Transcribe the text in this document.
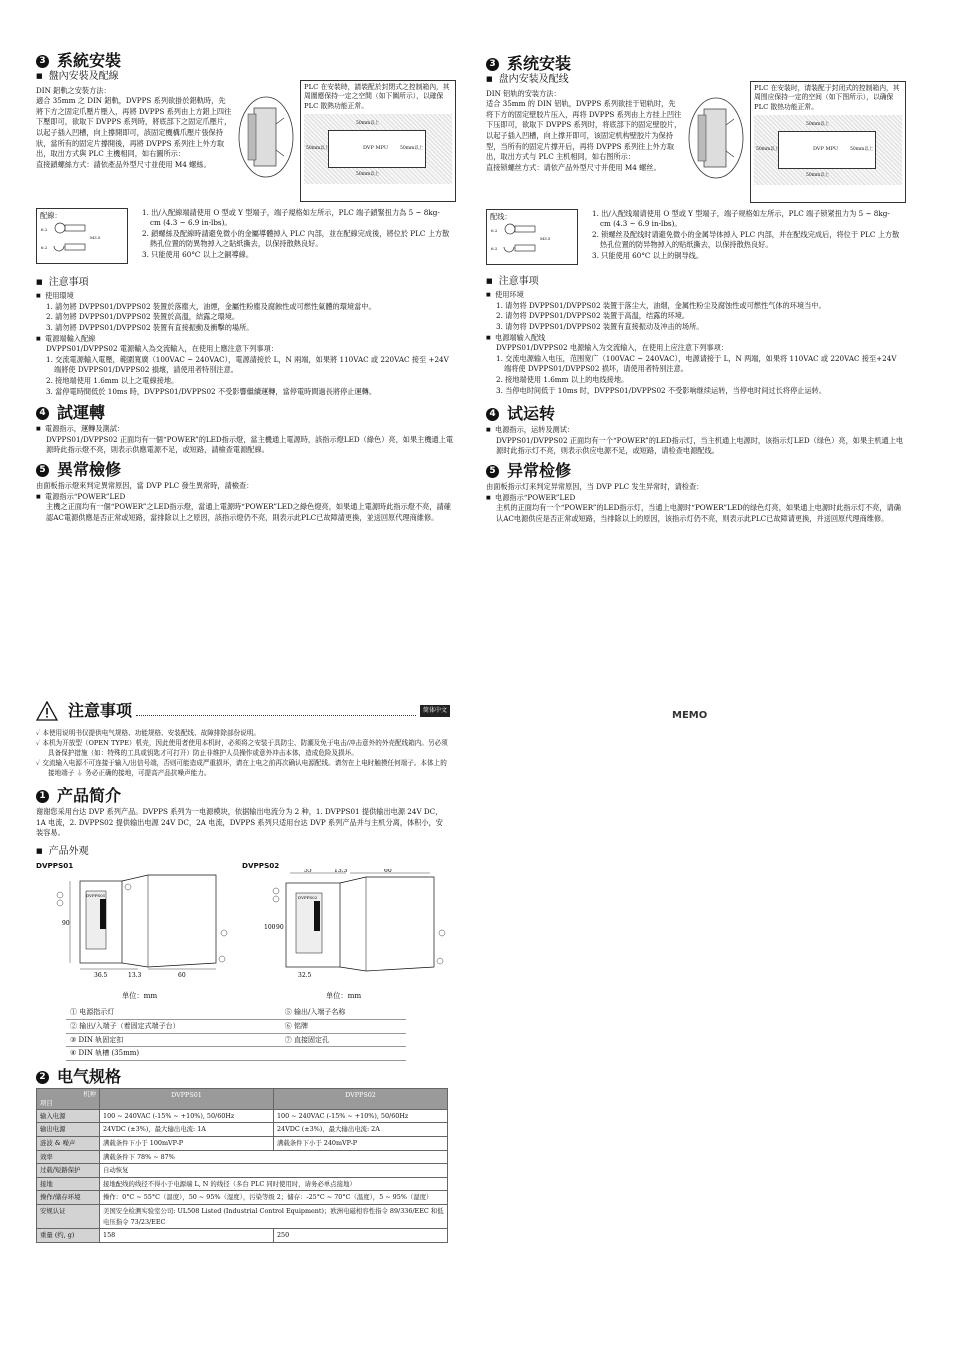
3 系統安裝
■ 盤內安裝及配線

DIN 鋁軌之安裝方法：

適合 35mm 之 DIN 鋁軌，DVPPS 系列欲掛於鋁軌時，先將下方之固定爪壓片壓入，再將 DVPPS 系列由上方鋁上四往下壓即可，欲取下 DVPPS 系列時，將底部下之固定爪壓片，以起子插入凹槽，向上撐開即可，該固定機構爪壓片張保持狀，當所有的固定片撐開後，再將 DVPPS 系列往上外方取出，取出方式與 PLC 主機相同，如右圖所示：

直接鎖螺絲方式：請依產品外型尺寸並使用 M4 螺絲。

PLC 在安裝時，請裝配於封閉式之控制箱內，其周圍應保持一定之空間（如下圖所示），以確保 PLC 散熱功能正常。

DVP MPU
50mm以上
50mm以上
50mm以上	50mm以上
配線：
6.2
6.2
M3.5

1. 出/入配線端請使用 O 型或 Y 型端子，端子規格如左所示，PLC 端子鎖緊扭力為 5 ~ 8kg-cm (4.3 ~ 6.9 in-lbs)。

2. 鎖螺絲及配線時請避免微小的金屬導體掉入 PLC 內部，並在配線完成後，將位於 PLC 上方散熱孔位置的防異物掉入之貼紙撕去，以保持散熱良好。

3. 只能使用 60°C 以上之銅導線。

■ 注意事項

■ 使用環境

1. 請勿將 DVPPS01/DVPPS02 裝置於落塵大，油煙，金屬性粉塵及腐蝕性或可燃性氣體的環境當中。

2. 請勿將 DVPPS01/DVPPS02 裝置於高溫，結露之環境。

3. 請勿將 DVPPS01/DVPPS02 裝置有直接振動及衝擊的場所。

■ 電源端輸入配線

DVPPS01/DVPPS02 電源輸入為交流輸入，在使用上應注意下列事項：

1. 交流電源輸入電壓，範圍寬廣（100VAC ~ 240VAC），電源請接於 L，N 兩端，如果將 110VAC 或 220VAC 接至 +24V 端將使 DVPPS01/DVPPS02 損壞，請使用者特別注意。

2. 接地端使用 1.6mm 以上之電線接地。

3. 當停電時間低於 10ms 時，DVPPS01/DVPPS02 不受影響繼續運轉，當停電時間過長將停止運轉。

4 試運轉

■ 電源指示，運轉及測試：

DVPPS01/DVPPS02 正面均有一個“POWER”的LED指示燈，當主機通上電源時，該指示燈LED（綠色）亮，如果主機通上電源時此指示燈不亮，則表示供應電源不足，或短路，請檢查電源配線。

5 異常檢修

由面板指示燈來判定異常原因，當 DVP PLC 發生異常時，請檢查：

■ 電源指示“POWER”LED

主機之正面均有一個“POWER”之LED指示燈，當通上電源時“POWER”LED之綠色燈亮，如果通上電源時此指示燈不亮，請確認AC電源供應是否正常或短路，當排除以上之原因，該指示燈仍不亮，則表示此PLC已故障請更換，並送回原代理商維修。

3 系统安装
■ 盘内安装及配线

DIN 铝轨的安装方法：

适合 35mm 的 DIN 铝轨，DVPPS 系列欲挂于铝轨时，先将下方的固定壁胶片压入，再将 DVPPS 系列由上方挂上凹往下压即可，欲取下 DVPPS 系列时，将底部下的固定壁胶片，以起子插入凹槽，向上撑开即可，该固定机构壁胶片为保持型，当所有的固定片撑开后，再将 DVPPS 系列往上外方取出，取出方式与 PLC 主机相同，如右图所示：

直接锁螺丝方式：请依产品外型尺寸并使用 M4 螺丝。

PLC 在安装时，请装配于封闭式的控制箱内，其周围应保持一定的空间（如下图所示），以确保 PLC 散热功能正常。

DVP MPU
50mm以上
50mm以上
50mm以上	50mm以上
配线：
6.2
6.2
M3.5

1. 出/入配线端请使用 O 型或 Y 型端子，端子规格如左所示，PLC 端子锁紧扭力为 5 ~ 8kg-cm (4.3 ~ 6.9 in-lbs)。

2. 锁螺丝及配线时请避免微小的金属导体掉入 PLC 内部，并在配线完成后，将位于 PLC 上方散热孔位置的防异物掉入的贴纸撕去，以保持散热良好。

3. 只能使用 60°C 以上的铜导线。

■ 注意事项

■ 使用环境

1. 请勿将 DVPPS01/DVPPS02 装置于落尘大，油烟，金属性粉尘及腐蚀性或可燃性气体的环境当中。

2. 请勿将 DVPPS01/DVPPS02 装置于高温，结露的环境。

3. 请勿将 DVPPS01/DVPPS02 装置有直接振动及冲击的场所。

■ 电源端输入配线

DVPPS01/DVPPS02 电源输入为交流输入，在使用上应注意下列事项：

1. 交流电源输入电压，范围宽广（100VAC ~ 240VAC），电源请接于 L，N 两端，如果将 110VAC 或 220VAC 接至+24V 端将使 DVPPS01/DVPPS02 损坏，请使用者特别注意。

2. 接地端使用 1.6mm 以上的电线接地。

3. 当停电时间低于 10ms 时，DVPPS01/DVPPS02 不受影响继续运转，当停电时间过长将停止运转。

4 试运转

■ 电源指示，运转及测试：

DVPPS01/DVPPS02 正面均有一个“POWER”的LED指示灯，当主机通上电源时，该指示灯LED（绿色）亮，如果主机通上电源时此指示灯不亮，则表示供应电源不足，或短路，请检查电源配线。

5 异常检修

由面板指示灯来判定异常原因，当 DVP PLC 发生异常时，请检查：

■ 电源指示“POWER”LED

主机的正面均有一个“POWER”的LED指示灯，当通上电源时“POWER”LED的绿色灯亮，如果通上电源时此指示灯不亮，请确认AC电源供应是否正常或短路，当排除以上的原因，该指示灯仍不亮，则表示此PLC已故障请更换，并送回原代理商维修。

注意事项	简体中文

✓ 本使用说明书仅提供电气规格、功能规格、安装配线、故障排除部份说明。

✓ 本机为开放型（OPEN TYPE）机壳，因此使用者使用本机时，必须将之安装于具防尘、防潮及免于电击/冲击意外的外壳配线箱内。另必须具备保护措施（如：特殊的工具或钥匙才可打开）防止非维护人员操作或意外冲击本体，造成危险及损坏。

✓ 交流输入电源不可连接于输入/出信号端，否则可能造成严重损坏，请在上电之前再次确认电源配线。请勿在上电时触摸任何端子。本体上的接地端子 ⏚ 务必正确的接地，可提高产品抗噪声能力。

1 产品简介

谢谢您采用台达 DVP 系列产品。DVPPS 系列为一电源模块，依据输出电流分为 2 种，1. DVPPS01 提供输出电源 24V DC，1A 电流，2. DVPPS02 提供输出电源 24V DC，2A 电流，DVPPS 系列只适用台达 DVP 系列产品并与主机分离，体积小，安装容易。

■ 产品外观
DVPPS01	DVPPS02
DVPPS01
36.5	13.3	60
90
55	13.3	60
DVPPS02
100 90
32.5
单位：mm	单位：mm
① 电源指示灯	⑤ 输出/入端子名称
② 输出/入端子（着固定式端子台）	⑥ 铭牌
③ DIN 轨固定扣	⑦ 直接固定孔
④ DIN 轨槽 (35mm)	
2 电气规格
机种

项目	DVPPS01	DVPPS02
输入电源	100 ~ 240VAC (-15% ~ +10%), 50/60Hz	100 ~ 240VAC (-15% ~ +10%), 50/60Hz
输出电源	24VDC (±3%)，最大输出电流: 1A	24VDC (±3%)，最大输出电流: 2A
涟波 & 噪声	满载条件下小于 100mVP-P	满载条件下小于 240mVP-P
效率	满载条件下 78% ~ 87%	
过载/短路保护	自动恢复	
接地	接地配线的线径不得小于电源端 L, N 的线径（多台 PLC 同时使用时，请务必单点接地）	
操作/储存环境	操作：0°C ~ 55°C（温度），50 ~ 95%（湿度），污染等级 2；储存：-25°C ~ 70°C（温度），5 ~ 95%（湿度）	
安规认证	美国安全检测实验室公司: UL508 Listed (Industrial Control Equipment)；欧洲电磁相容性指令 89/336/EEC 和低电压指令 73/23/EEC	
重量 (约, g)	158	250
MEMO
